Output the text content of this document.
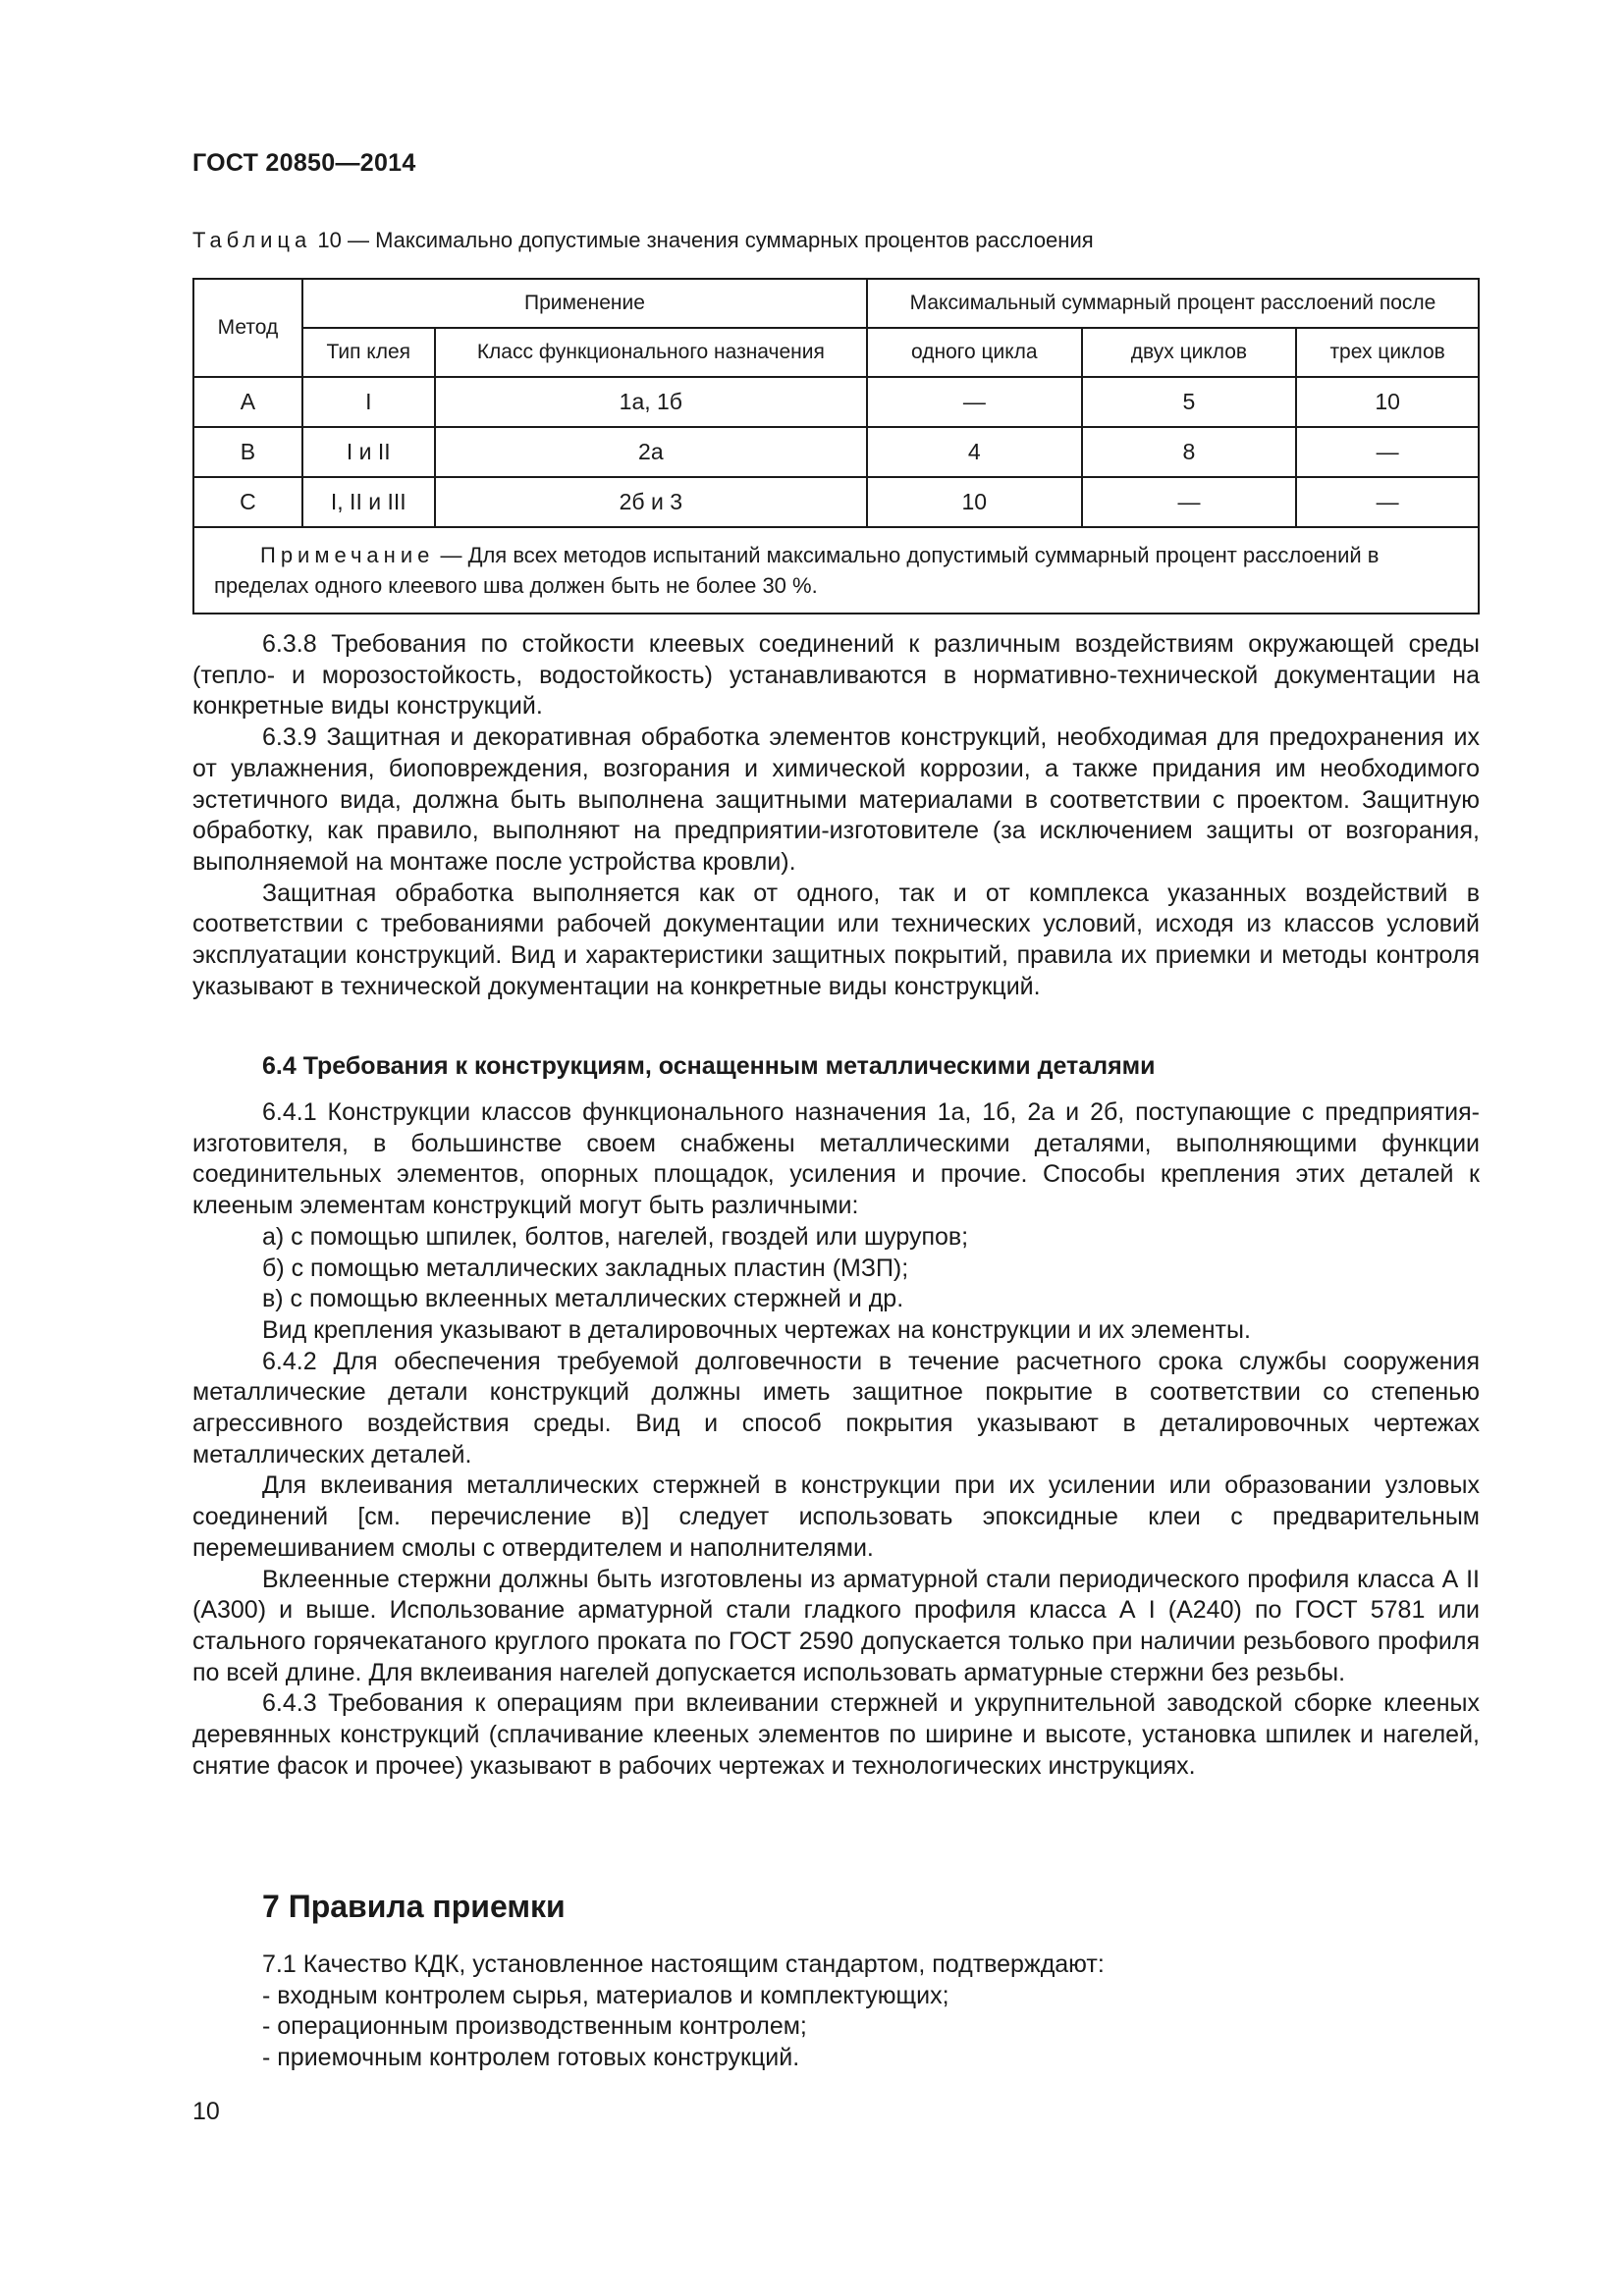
ГОСТ 20850—2014
Таблица 10 — Максимально допустимые значения суммарных процентов расслоения
Метод	Применение		Максимальный суммарный процент расслоений после		
	Тип клея	Класс функционального назначения	одного цикла	двух циклов	трех циклов
A	I	1а, 1б	—	5	10
B	I и II	2а	4	8	—
C	I, II и III	2б и 3	10	—	—
Примечание — Для всех методов испытаний максимально допустимый суммарный процент расслоений в пределах одного клеевого шва должен быть не более 30 %.					

6.3.8 Требования по стойкости клеевых соединений к различным воздействиям окружающей среды (тепло- и морозостойкость, водостойкость) устанавливаются в нормативно-технической документации на конкретные виды конструкций.

6.3.9 Защитная и декоративная обработка элементов конструкций, необходимая для предохранения их от увлажнения, биоповреждения, возгорания и химической коррозии, а также придания им необходимого эстетичного вида, должна быть выполнена защитными материалами в соответствии с проектом. Защитную обработку, как правило, выполняют на предприятии-изготовителе (за исключением защиты от возгорания, выполняемой на монтаже после устройства кровли).

Защитная обработка выполняется как от одного, так и от комплекса указанных воздействий в соответствии с требованиями рабочей документации или технических условий, исходя из классов условий эксплуатации конструкций. Вид и характеристики защитных покрытий, правила их приемки и методы контроля указывают в технической документации на конкретные виды конструкций.

6.4 Требования к конструкциям, оснащенным металлическими деталями

6.4.1 Конструкции классов функционального назначения 1а, 1б, 2а и 2б, поступающие с предприятия-изготовителя, в большинстве своем снабжены металлическими деталями, выполняющими функции соединительных элементов, опорных площадок, усиления и прочие. Способы крепления этих деталей к клееным элементам конструкций могут быть различными:

а) с помощью шпилек, болтов, нагелей, гвоздей или шурупов;

б) с помощью металлических закладных пластин (МЗП);

в) с помощью вклеенных металлических стержней и др.

Вид крепления указывают в деталировочных чертежах на конструкции и их элементы.

6.4.2 Для обеспечения требуемой долговечности в течение расчетного срока службы сооружения металлические детали конструкций должны иметь защитное покрытие в соответствии со степенью агрессивного воздействия среды. Вид и способ покрытия указывают в деталировочных чертежах металлических деталей.

Для вклеивания металлических стержней в конструкции при их усилении или образовании узловых соединений [см. перечисление в)] следует использовать эпоксидные клеи с предварительным перемешиванием смолы с отвердителем и наполнителями.

Вклеенные стержни должны быть изготовлены из арматурной стали периодического профиля класса А II (А300) и выше. Использование арматурной стали гладкого профиля класса А I (А240) по ГОСТ 5781 или стального горячекатаного круглого проката по ГОСТ 2590 допускается только при наличии резьбового профиля по всей длине. Для вклеивания нагелей допускается использовать арматурные стержни без резьбы.

6.4.3 Требования к операциям при вклеивании стержней и укрупнительной заводской сборке клееных деревянных конструкций (сплачивание клееных элементов по ширине и высоте, установка шпилек и нагелей, снятие фасок и прочее) указывают в рабочих чертежах и технологических инструкциях.

7 Правила приемки
7.1 Качество КДК, установленное настоящим стандартом, подтверждают:
- входным контролем сырья, материалов и комплектующих;
- операционным производственным контролем;
- приемочным контролем готовых конструкций.
10
